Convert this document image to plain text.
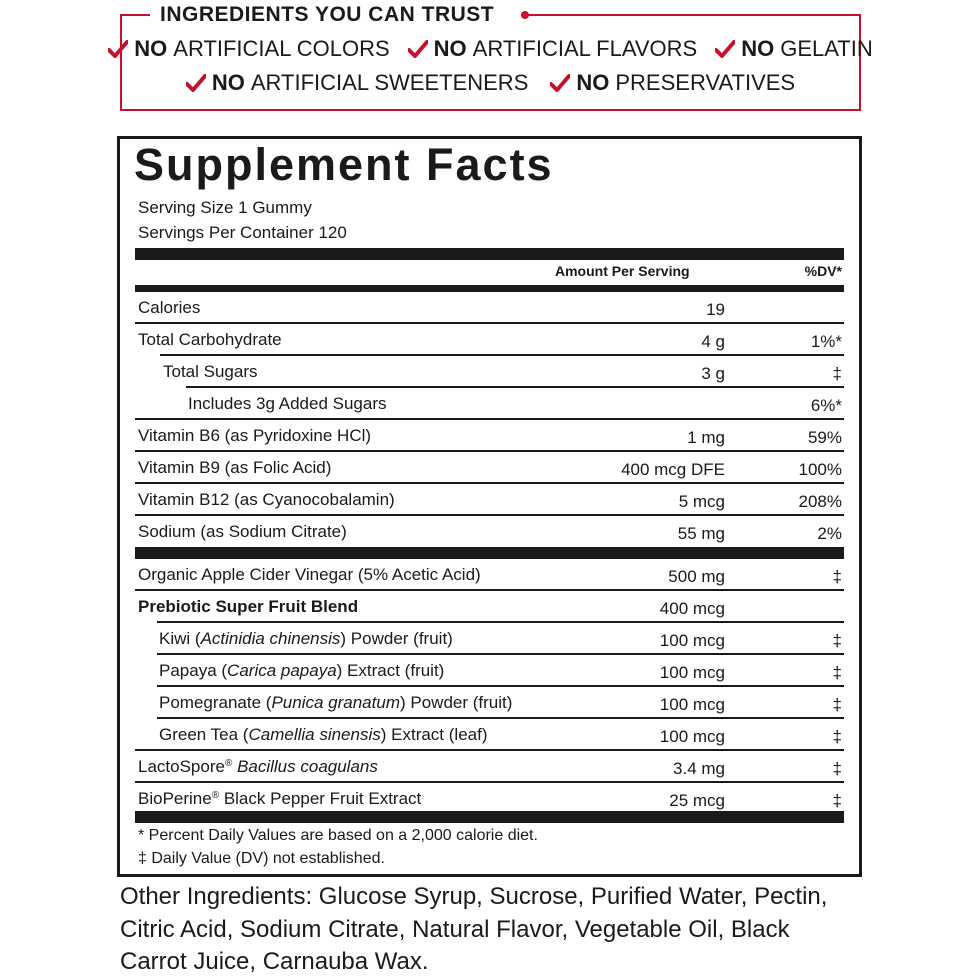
INGREDIENTS YOU CAN TRUST
NO ARTIFICIAL COLORS NO ARTIFICIAL FLAVORS NO GELATIN
NO ARTIFICIAL SWEETENERS NO PRESERVATIVES
Supplement Facts
Serving Size 1 Gummy
Servings Per Container 120
Amount Per Serving	%DV*
Calories	19
Total Carbohydrate	4 g	1%*
Total Sugars	3 g	‡
Includes 3g Added Sugars	6%*
Vitamin B6 (as Pyridoxine HCl)	1 mg	59%
Vitamin B9 (as Folic Acid)	400 mcg DFE	100%
Vitamin B12 (as Cyanocobalamin)	5 mcg	208%
Sodium (as Sodium Citrate)	55 mg	2%
Organic Apple Cider Vinegar (5% Acetic Acid)	500 mg	‡
Prebiotic Super Fruit Blend	400 mcg
Kiwi (Actinidia chinensis) Powder (fruit)	100 mcg	‡
Papaya (Carica papaya) Extract (fruit)	100 mcg	‡
Pomegranate (Punica granatum) Powder (fruit)	100 mcg	‡
Green Tea (Camellia sinensis) Extract (leaf)	100 mcg	‡
LactoSpore® Bacillus coagulans	3.4 mg	‡
BioPerine® Black Pepper Fruit Extract	25 mcg	‡
* Percent Daily Values are based on a 2,000 calorie diet.
‡ Daily Value (DV) not established.
Other Ingredients: Glucose Syrup, Sucrose, Purified Water, Pectin, Citric Acid, Sodium Citrate, Natural Flavor, Vegetable Oil, Black Carrot Juice, Carnauba Wax.
